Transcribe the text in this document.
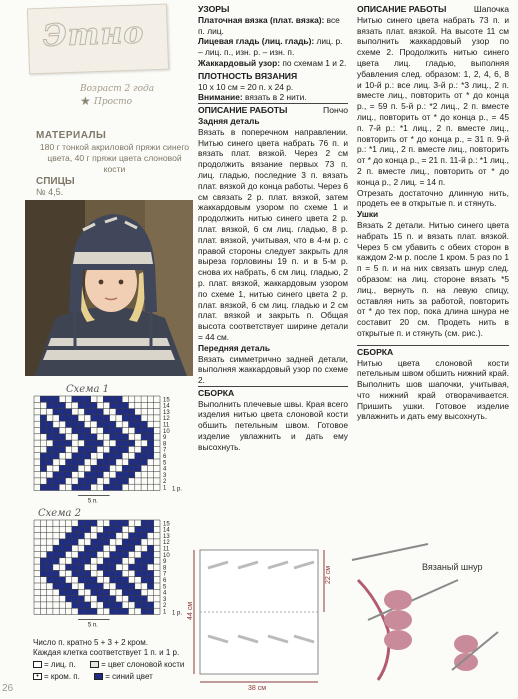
Этно
Возраст 2 года
★ Просто
МАТЕРИАЛЫ
180 г тонкой акриловой пряжи синего цвета, 40 г пряжи цвета слоновой кости
СПИЦЫ
№ 4,5.
Схема 1
1
2
3
4
5
6
7
8
9
10
11
12
13
14
15
1 р.
5 п.
Схема 2
1
2
3
4
5
6
7
8
9
10
11
12
13
14
15
1 р.
5 п.
Число п. кратно 5 + 3 + 2 кром.
Каждая клетка соответствует 1 п. и 1 р.
= лиц. п.	= цвет слоновой кости
• = кром. п.	= синий цвет
26

УЗОРЫ

Платочная вязка (плат. вязка): все п. лиц.

Лицевая гладь (лиц. гладь): лиц. р. – лиц. п., изн. р. – изн. п.

Жаккардовый узор: по схемам 1 и 2.

ПЛОТНОСТЬ ВЯЗАНИЯ

10 x 10 см = 20 п. x 24 р.

Внимание: вязать в 2 нити.

ОПИСАНИЕ РАБОТЫ	Пончо

Задняя деталь

Вязать в поперечном направлении. Нитью синего цвета набрать 76 п. и вязать плат. вязкой. Через 2 см продолжить вязание первых 73 п. лиц. гладью, последние 3 п. вязать плат. вязкой до конца работы. Через 6 см связать 2 р. плат. вязкой, затем жаккардовым узором по схеме 1 и продолжить нитью синего цвета 2 р. плат. вязкой, 6 см лиц. гладью, 8 р. плат. вязкой, учитывая, что в 4-м р. с правой стороны следует закрыть для выреза горловины 19 п. и в 5-м р. снова их набрать, 6 см лиц. гладью, 2 р. плат. вязкой, жаккардовым узором по схеме 1, нитью синего цвета 2 р. плат. вязкой, 6 см лиц. гладью и 2 см плат. вязкой и закрыть п. Общая высота соответствует ширине детали = 44 см.

Передняя деталь

Вязать симметрично задней детали, выполняя жаккардовый узор по схеме 2.

СБОРКА

Выполнить плечевые швы. Края всего изделия нитью цвета слоновой кости обшить петельным швом. Готовое изделие увлажнить и дать ему высохнуть.

ОПИСАНИЕ РАБОТЫ	Шапочка

Нитью синего цвета набрать 73 п. и вязать плат. вязкой. На высоте 11 см выполнить жаккардовый узор по схеме 2. Продолжить нитью синего цвета лиц. гладью, выполняя убавления след. образом: 1, 2, 4, 6, 8 и 10-й р.: все лиц. 3-й р.: *3 лиц., 2 п. вместе лиц., повторить от * до конца р., = 59 п. 5-й р.: *2 лиц., 2 п. вместе лиц., повторить от * до конца р., = 45 п. 7-й р.: *1 лиц., 2 п. вместе лиц., повторить от * до конца р., = 31 п. 9-й р.: *1 лиц., 2 п. вместе лиц., повторить от * до конца р., = 21 п. 11-й р.: *1 лиц., 2 п. вместе лиц., повторить от * до конца р., 2 лиц. = 14 п.

Отрезать достаточно длинную нить, продеть ее в открытые п. и стянуть.

Ушки

Вязать 2 детали. Нитью синего цвета набрать 15 п. и вязать плат. вязкой. Через 5 см убавить с обеих сторон в каждом 2-м р. после 1 кром. 5 раз по 1 п = 5 п. и на них связать шнур след. образом: на лиц. стороне вязать *5 лиц., вернуть п. на левую спицу, оставляя нить за работой, повторить от * до тех пор, пока длина шнура не составит 20 см. Продеть нить в открытые п. и стянуть (см. рис.).

СБОРКА

Нитью цвета слоновой кости петельным швом обшить нижний край. Выполнить шов шапочки, учитывая, что нижний край отворачивается. Пришить ушки. Готовое изделие увлажнить и дать ему высохнуть.

22 см
44 см
38 см
Вязаный шнур
